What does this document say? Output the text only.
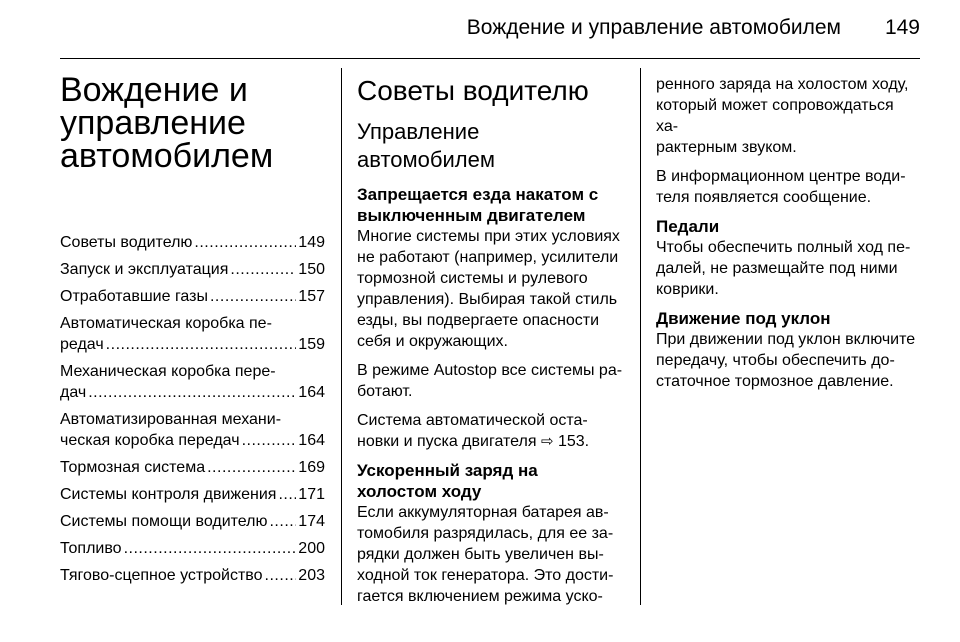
Вождение и управление автомобилем 149
Вождение и
управление
автомобилем
Советы водителю .....	149
Запуск и эксплуатация .....	150
Отработавшие газы .....	157
Автоматическая коробка пе-
редач .....	159
Механическая коробка пере-
дач .....	164
Автоматизированная механи-
ческая коробка передач .....	164
Тормозная система .....	169
Системы контроля движения ..... 171
Системы помощи водителю ..... 174
Топливо .....	200
Тягово-сцепное устройство ..... 203
Советы водителю
Управление
автомобилем
Запрещается езда накатом с
выключенным двигателем

Многие системы при этих условиях
не работают (например, усилители
тормозной системы и рулевого
управления). Выбирая такой стиль
езды, вы подвергаете опасности
себя и окружающих.

В режиме Autostop все системы ра-
ботают.

Система автоматической оста-
новки и пуска двигателя ⇨ 153.

Ускоренный заряд на
холостом ходу

Если аккумуляторная батарея ав-
томобиля разрядилась, для ее за-
рядки должен быть увеличен вы-
ходной ток генератора. Это дости-
гается включением режима уско-

ренного заряда на холостом ходу,
который может сопровождаться ха-
рактерным звуком.

В информационном центре води-
теля появляется сообщение.

Педали

Чтобы обеспечить полный ход пе-
далей, не размещайте под ними
коврики.

Движение под уклон

При движении под уклон включите
передачу, чтобы обеспечить до-
статочное тормозное давление.
